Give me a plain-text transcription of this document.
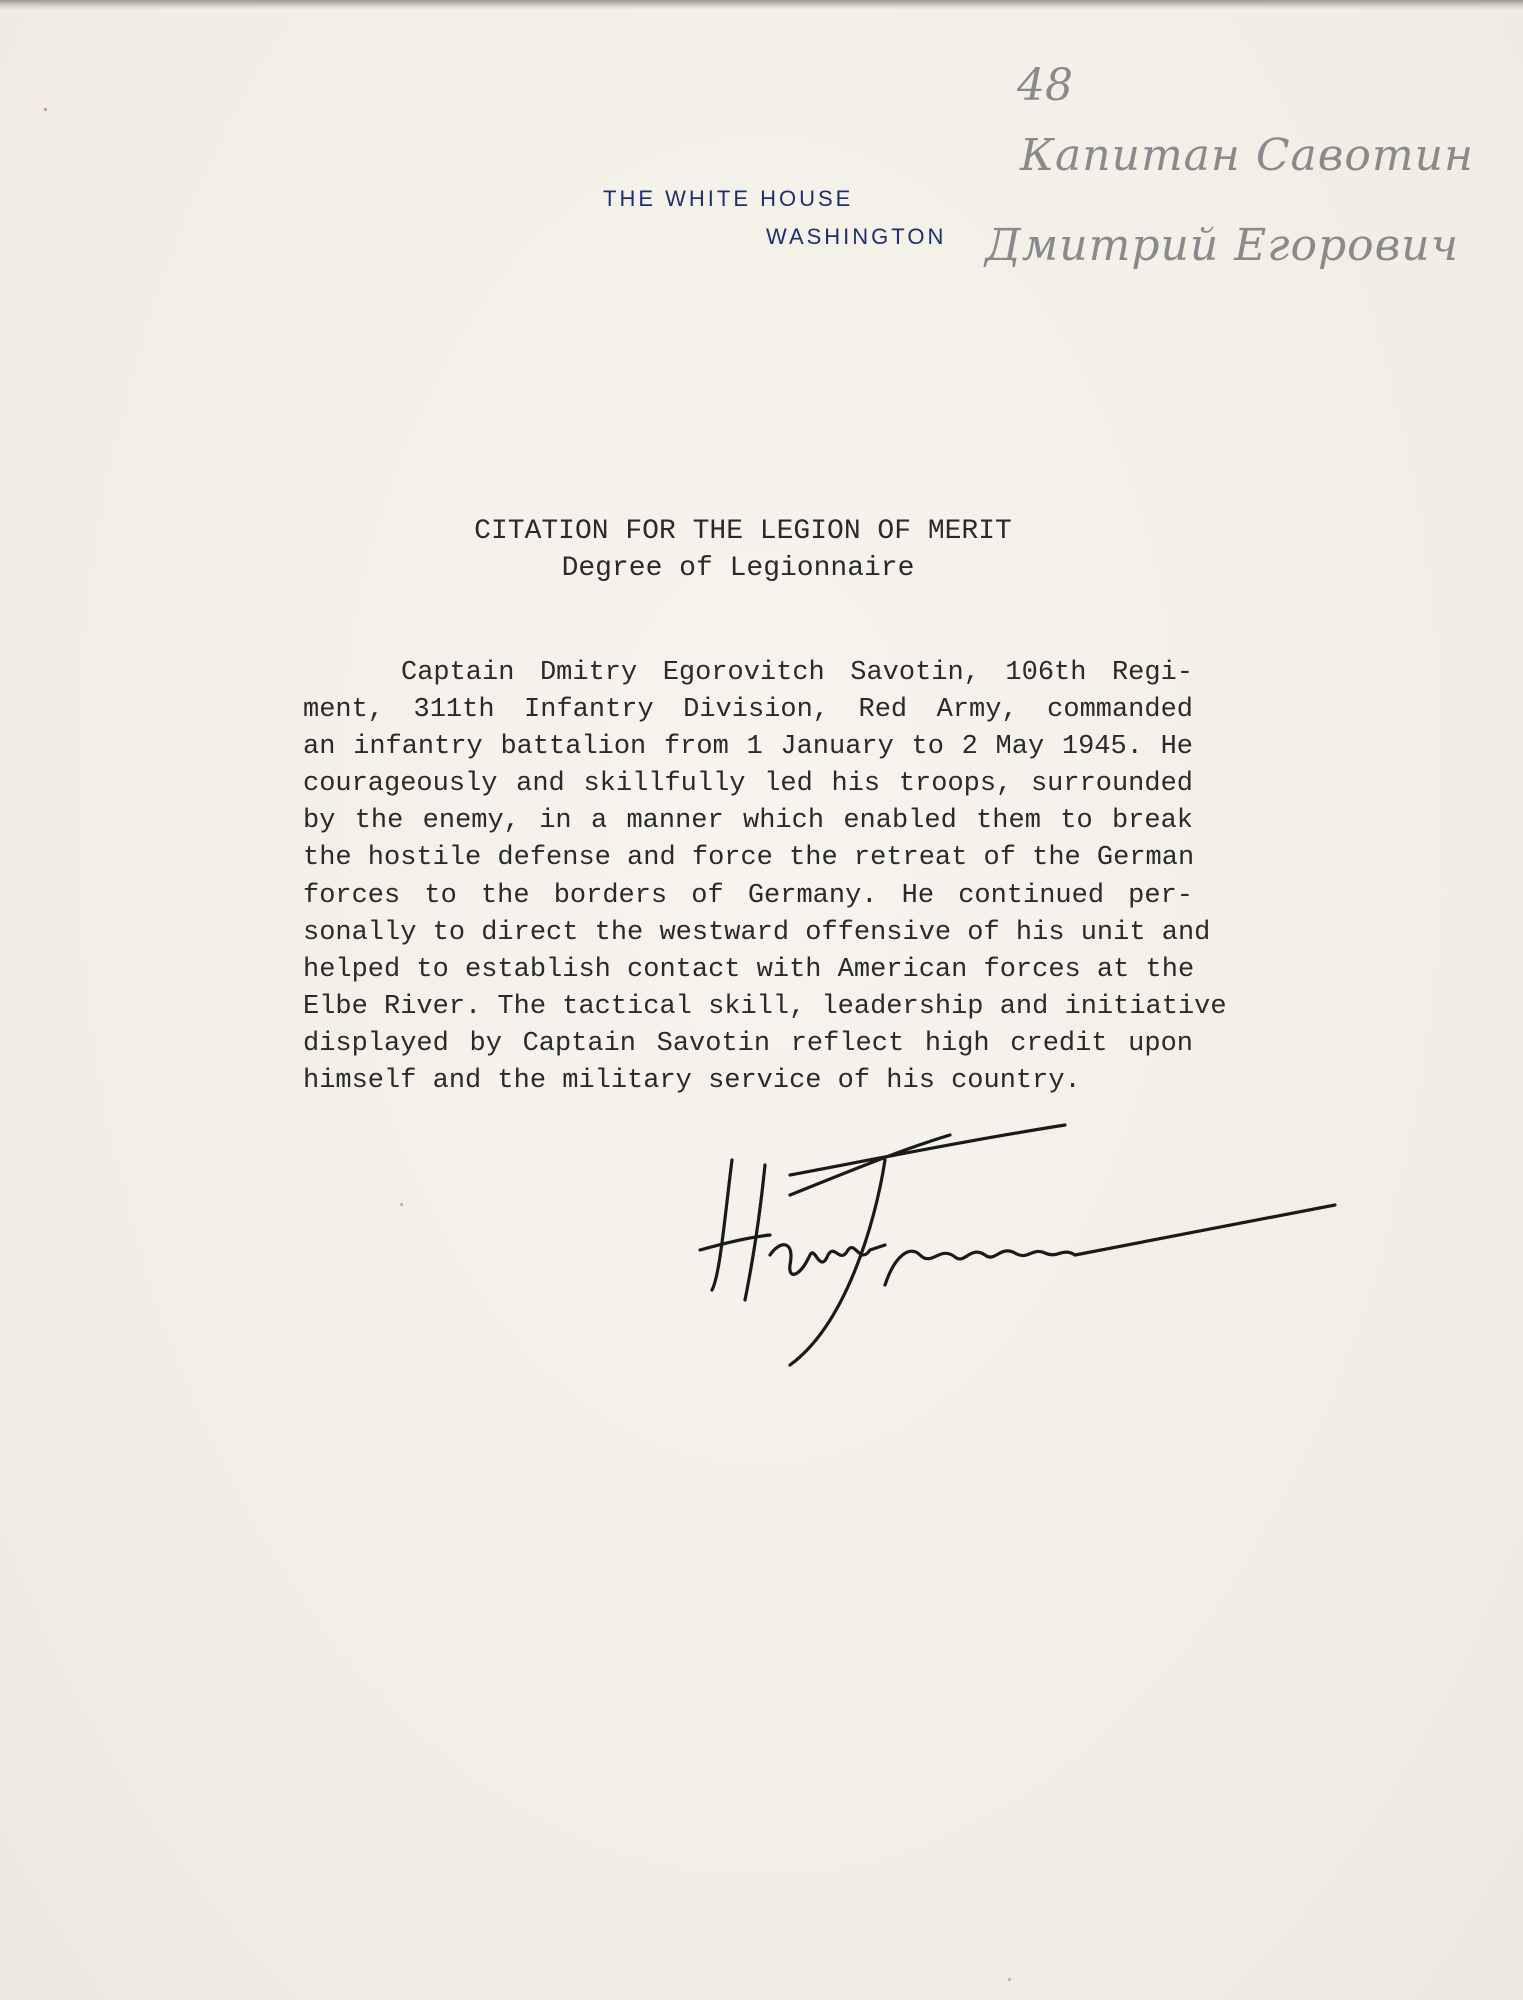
THE WHITE HOUSE
WASHINGTON
48
Капитан Савотин
Дмитрий Егорович
CITATION FOR THE LEGION OF MERIT
Degree of Legionnaire
Captain Dmitry Egorovitch Savotin, 106th Regi-
ment, 311th Infantry Division, Red Army, commanded
an infantry battalion from 1 January to 2 May 1945. He
courageously and skillfully led his troops, surrounded
by the enemy, in a manner which enabled them to break
the hostile defense and force the retreat of the German
forces to the borders of Germany. He continued per-
sonally to direct the westward offensive of his unit and
helped to establish contact with American forces at the
Elbe River. The tactical skill, leadership and initiative
displayed by Captain Savotin reflect high credit upon
himself and the military service of his country.
